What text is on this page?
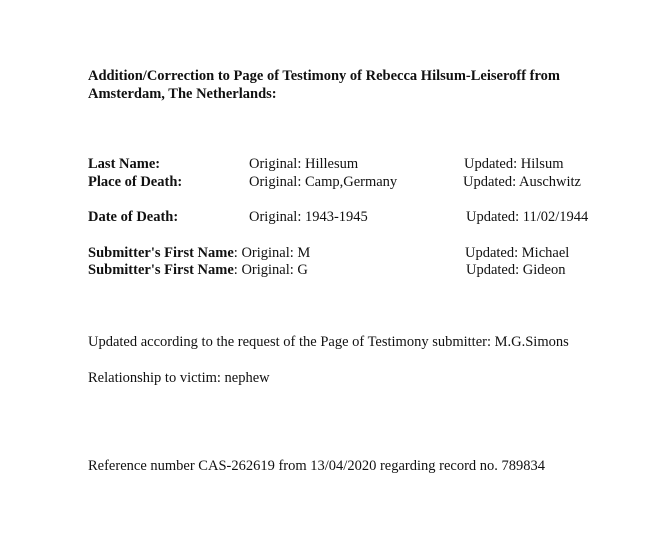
Addition/Correction to Page of Testimony of Rebecca Hilsum-Leiseroff from Amsterdam, The Netherlands:
Last Name:	Original: Hillesum	Updated: Hilsum
Place of Death:	Original: Camp,Germany	Updated: Auschwitz
Date of Death:	Original: 1943-1945	Updated: 11/02/1944
Submitter's First Name: Original: M	Updated: Michael
Submitter's First Name: Original: G	Updated: Gideon
Updated according to the request of the Page of Testimony submitter: M.G.Simons
Relationship to victim: nephew
Reference number CAS-262619 from 13/04/2020 regarding record no. 789834
